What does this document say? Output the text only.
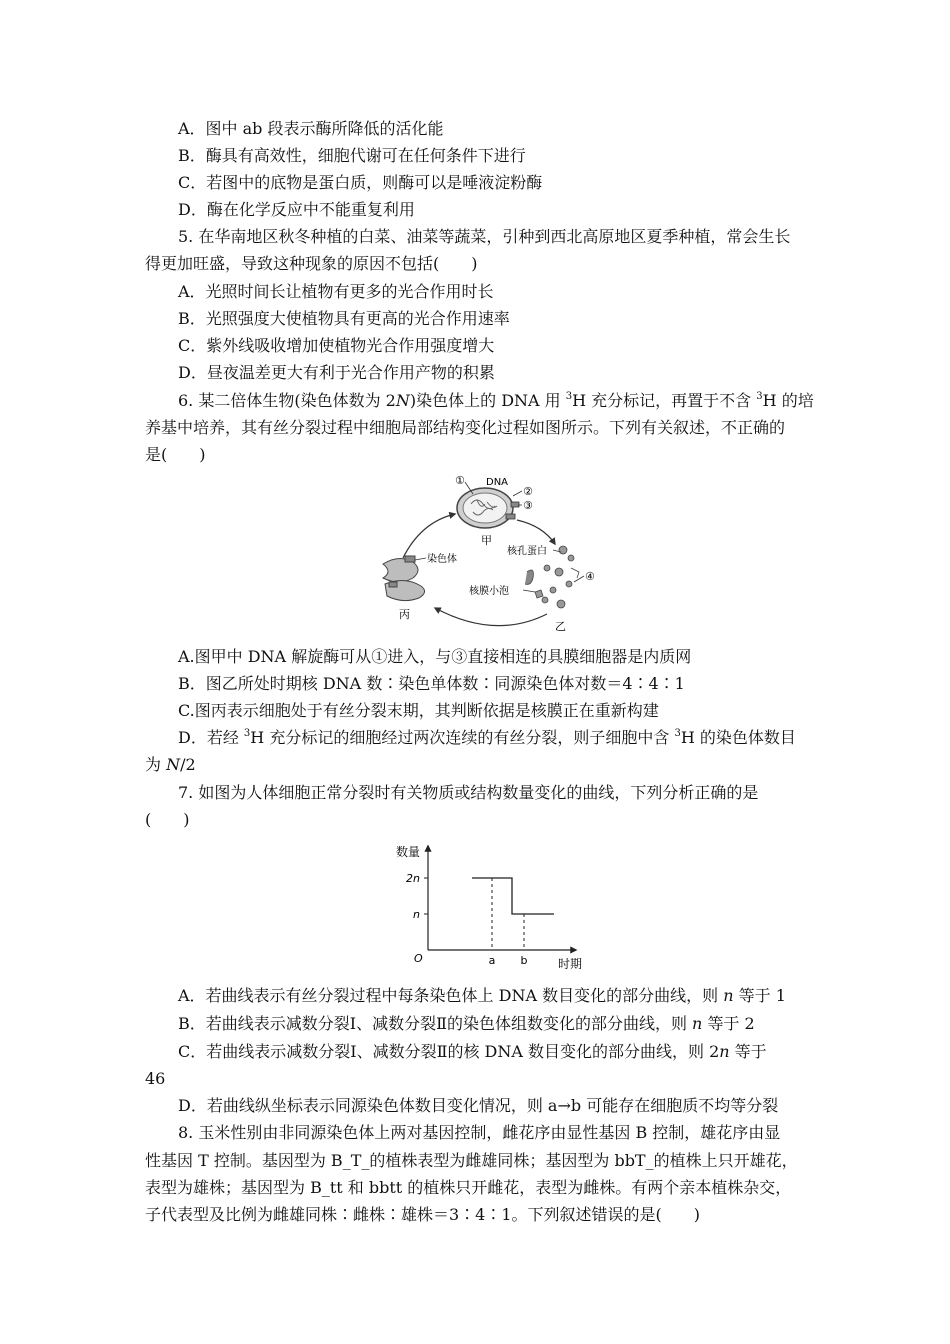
A．图中 ab 段表示酶所降低的活化能
B．酶具有高效性，细胞代谢可在任何条件下进行
C．若图中的底物是蛋白质，则酶可以是唾液淀粉酶
D．酶在化学反应中不能重复利用
5. 在华南地区秋冬种植的白菜、油菜等蔬菜，引种到西北高原地区夏季种植，常会生长
得更加旺盛，导致这种现象的原因不包括(　　)
A．光照时间长让植物有更多的光合作用时长
B．光照强度大使植物具有更高的光合作用速率
C．紫外线吸收增加使植物光合作用强度增大
D．昼夜温差更大有利于光合作用产物的积累
6. 某二倍体生物(染色体数为 2N)染色体上的 DNA 用 $^3$H 充分标记，再置于不含 $^3$H 的培
养基中培养，其有丝分裂过程中细胞局部结构变化过程如图所示。下列有关叙述，不正确的
是(　　)
① DNA
②
③
甲
核孔蛋白
④
核膜小泡
乙
染色体
丙
A.图甲中 DNA 解旋酶可从①进入，与③直接相连的具膜细胞器是内质网
B．图乙所处时期核 DNA 数∶染色单体数∶同源染色体对数＝4∶4∶1
C.图丙表示细胞处于有丝分裂末期，其判断依据是核膜正在重新构建
D．若经 $^3$H 充分标记的细胞经过两次连续的有丝分裂，则子细胞中含 $^3$H 的染色体数目
为 N/2
7. 如图为人体细胞正常分裂时有关物质或结构数量变化的曲线，下列分析正确的是
(　　)
数量
时期
O
2n
n
a b
A．若曲线表示有丝分裂过程中每条染色体上 DNA 数目变化的部分曲线，则 n 等于 1
B．若曲线表示减数分裂Ⅰ、减数分裂Ⅱ的染色体组数变化的部分曲线，则 n 等于 2
C．若曲线表示减数分裂Ⅰ、减数分裂Ⅱ的核 DNA 数目变化的部分曲线，则 2n 等于
46
D．若曲线纵坐标表示同源染色体数目变化情况，则 a→b 可能存在细胞质不均等分裂
8. 玉米性别由非同源染色体上两对基因控制，雌花序由显性基因 B 控制，雄花序由显
性基因 T 控制。基因型为 B_T_的植株表型为雌雄同株；基因型为 bbT_的植株上只开雄花，
表型为雄株；基因型为 B_tt 和 bbtt 的植株只开雌花，表型为雌株。有两个亲本植株杂交，
子代表型及比例为雌雄同株∶雌株∶雄株＝3∶4∶1。下列叙述错误的是(　　)
